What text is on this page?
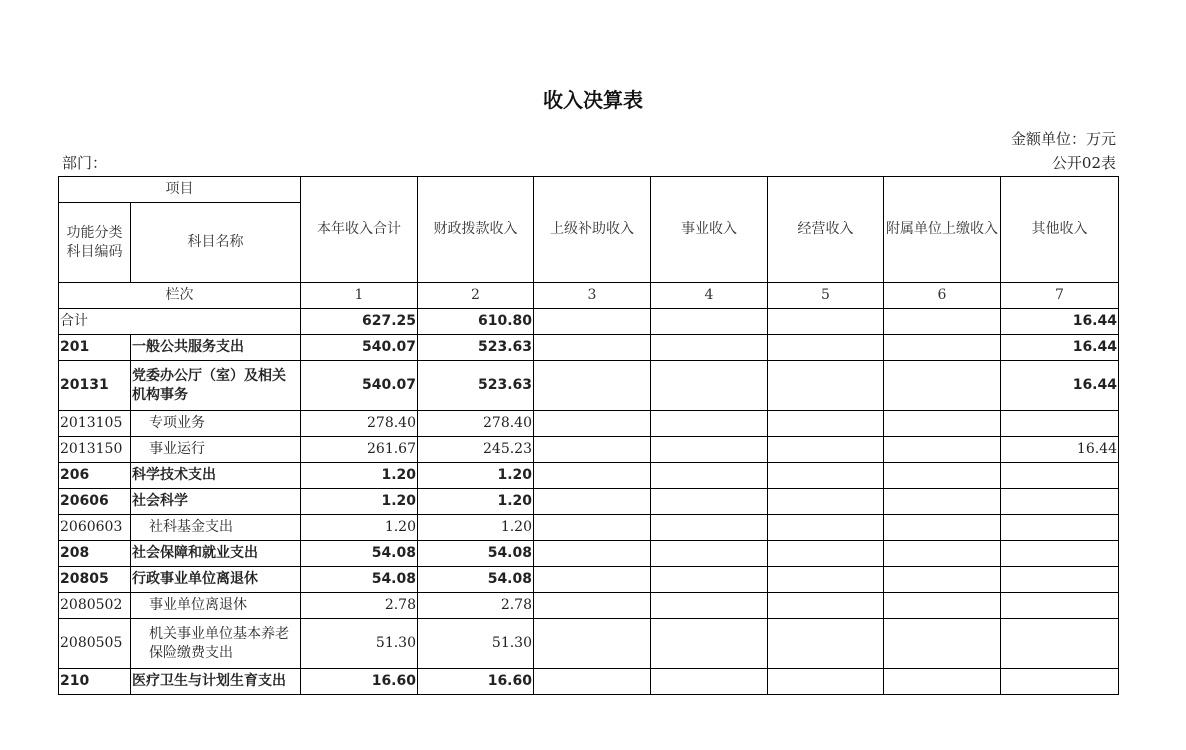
收入决算表
金额单位：万元
部门：	公开02表
项目		本年收入合计	财政拨款收入	上级补助收入	事业收入	经营收入	附属单位上缴收入	其他收入
功能分类科目编码	科目名称							
栏次		1	2	3	4	5	6	7
合计		627.25	610.80					16.44
201	一般公共服务支出	540.07	523.63					16.44
20131	党委办公厅（室）及相关机构事务	540.07	523.63					16.44
2013105	专项业务	278.40	278.40					
2013150	事业运行	261.67	245.23					16.44
206	科学技术支出	1.20	1.20					
20606	社会科学	1.20	1.20					
2060603	社科基金支出	1.20	1.20					
208	社会保障和就业支出	54.08	54.08					
20805	行政事业单位离退休	54.08	54.08					
2080502	事业单位离退休	2.78	2.78					
2080505	机关事业单位基本养老保险缴费支出	51.30	51.30					
210	医疗卫生与计划生育支出	16.60	16.60					
